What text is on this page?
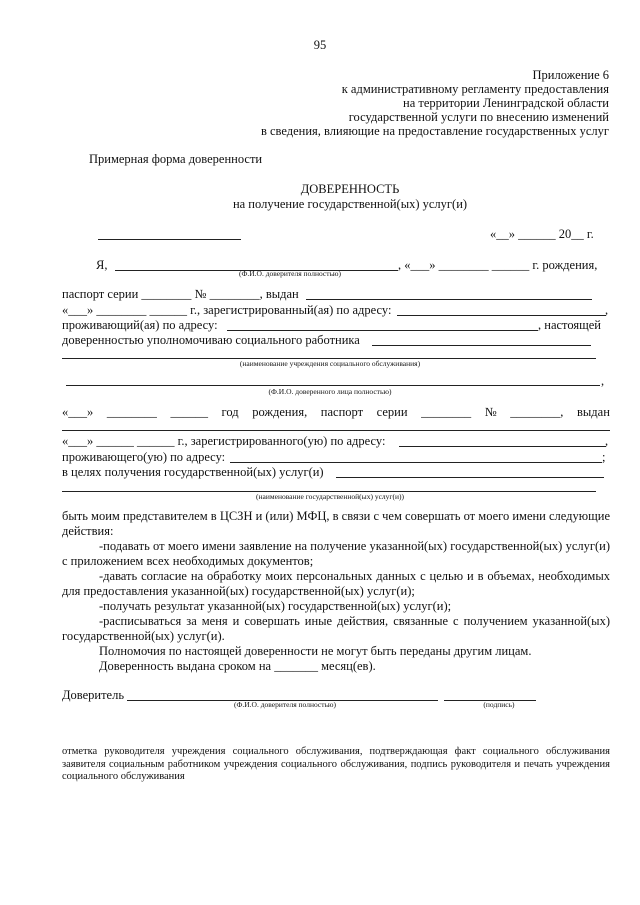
95
Приложение 6
к административному регламенту предоставления
на территории Ленинградской области
государственной услуги по внесению изменений
в сведения, влияющие на предоставление государственных услуг
Примерная форма доверенности
ДОВЕРЕННОСТЬ
на получение государственной(ых) услуг(и)
«__» ______ 20__ г.
Я,	, «___» ________ ______ г. рождения,
(Ф.И.О. доверителя полностью)
паспорт серии ________ № ________, выдан
«___» ________ ______ г., зарегистрированный(ая) по адресу:	,
проживающий(ая) по адресу:	, настоящей
доверенностью уполномочиваю социального работника
(наименование учреждения социального обслуживания)
,
(Ф.И.О. доверенного лица полностью)
«___» ________ ______ год рождения, паспорт серии ________ № ________, выдан
«___» ______ ______ г., зарегистрированного(ую) по адресу:	,
проживающего(ую) по адресу:	;
в целях получения государственной(ых) услуг(и)
(наименование государственной(ых) услуг(и))
быть моим представителем в ЦСЗН и (или) МФЦ, в связи с чем совершать от моего имени следующие действия:
-подавать от моего имени заявление на получение указанной(ых) государственной(ых) услуг(и) с приложением всех необходимых документов;
-давать согласие на обработку моих персональных данных с целью и в объемах, необходимых для предоставления указанной(ых) государственной(ых) услуг(и);
-получать результат указанной(ых) государственной(ых) услуг(и);
-расписываться за меня и совершать иные действия, связанные с получением указанной(ых) государственной(ых) услуг(и).
Полномочия по настоящей доверенности не могут быть переданы другим лицам.
Доверенность выдана сроком на _______ месяц(ев).
Доверитель
(Ф.И.О. доверителя полностью)	(подпись)
отметка руководителя учреждения социального обслуживания, подтверждающая факт социального обслуживания заявителя социальным работником учреждения социального обслуживания, подпись руководителя и печать учреждения социального обслуживания
